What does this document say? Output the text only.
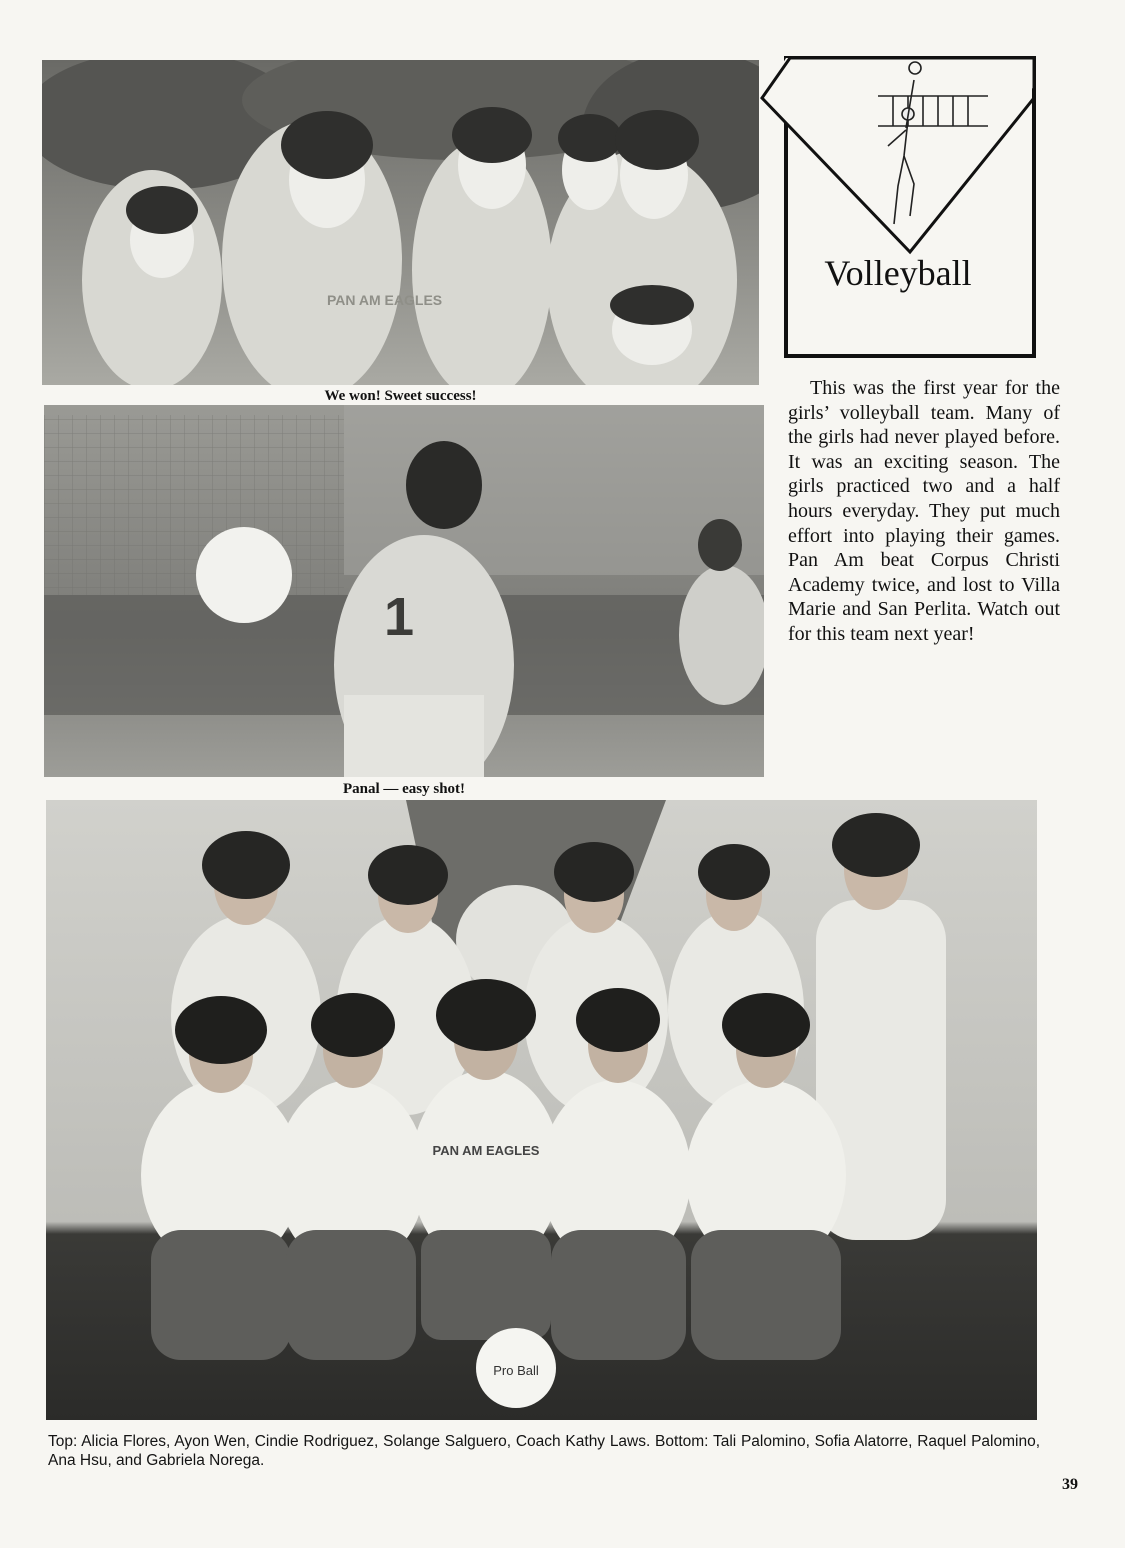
PAN AM EAGLES
We won! Sweet success!
1
Panal — easy shot!
Pro Ball
PAN AM EAGLES
Volleyball
This was the first year for the girls’ volleyball team. Many of the girls had never played before. It was an exciting season. The girls practiced two and a half hours everyday. They put much effort into playing their games. Pan Am beat Corpus Christi Academy twice, and lost to Villa Marie and San Perlita. Watch out for this team next year!
Top: Alicia Flores, Ayon Wen, Cindie Rodriguez, Solange Salguero, Coach Kathy Laws. Bottom: Tali Palomino, Sofia Alatorre, Raquel Palomino, Ana Hsu, and Gabriela Norega.
39
